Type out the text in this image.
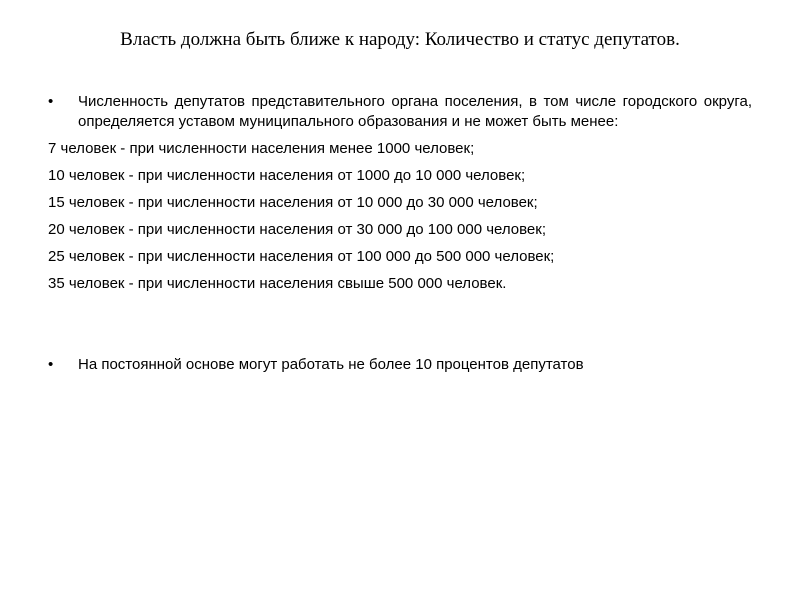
Власть должна быть ближе к народу: Количество и статус депутатов.
•	Численность депутатов представительного органа поселения, в том числе городского округа, определяется уставом муниципального образования и не может быть менее:
7 человек - при численности населения менее 1000 человек;
10 человек - при численности населения от 1000 до 10 000 человек;
15 человек - при численности населения от 10 000 до 30 000 человек;
20 человек - при численности населения от 30 000 до 100 000 человек;
25 человек - при численности населения от 100 000 до 500 000 человек;
35 человек - при численности населения свыше 500 000 человек.
•	На постоянной основе могут работать не более 10 процентов депутатов
